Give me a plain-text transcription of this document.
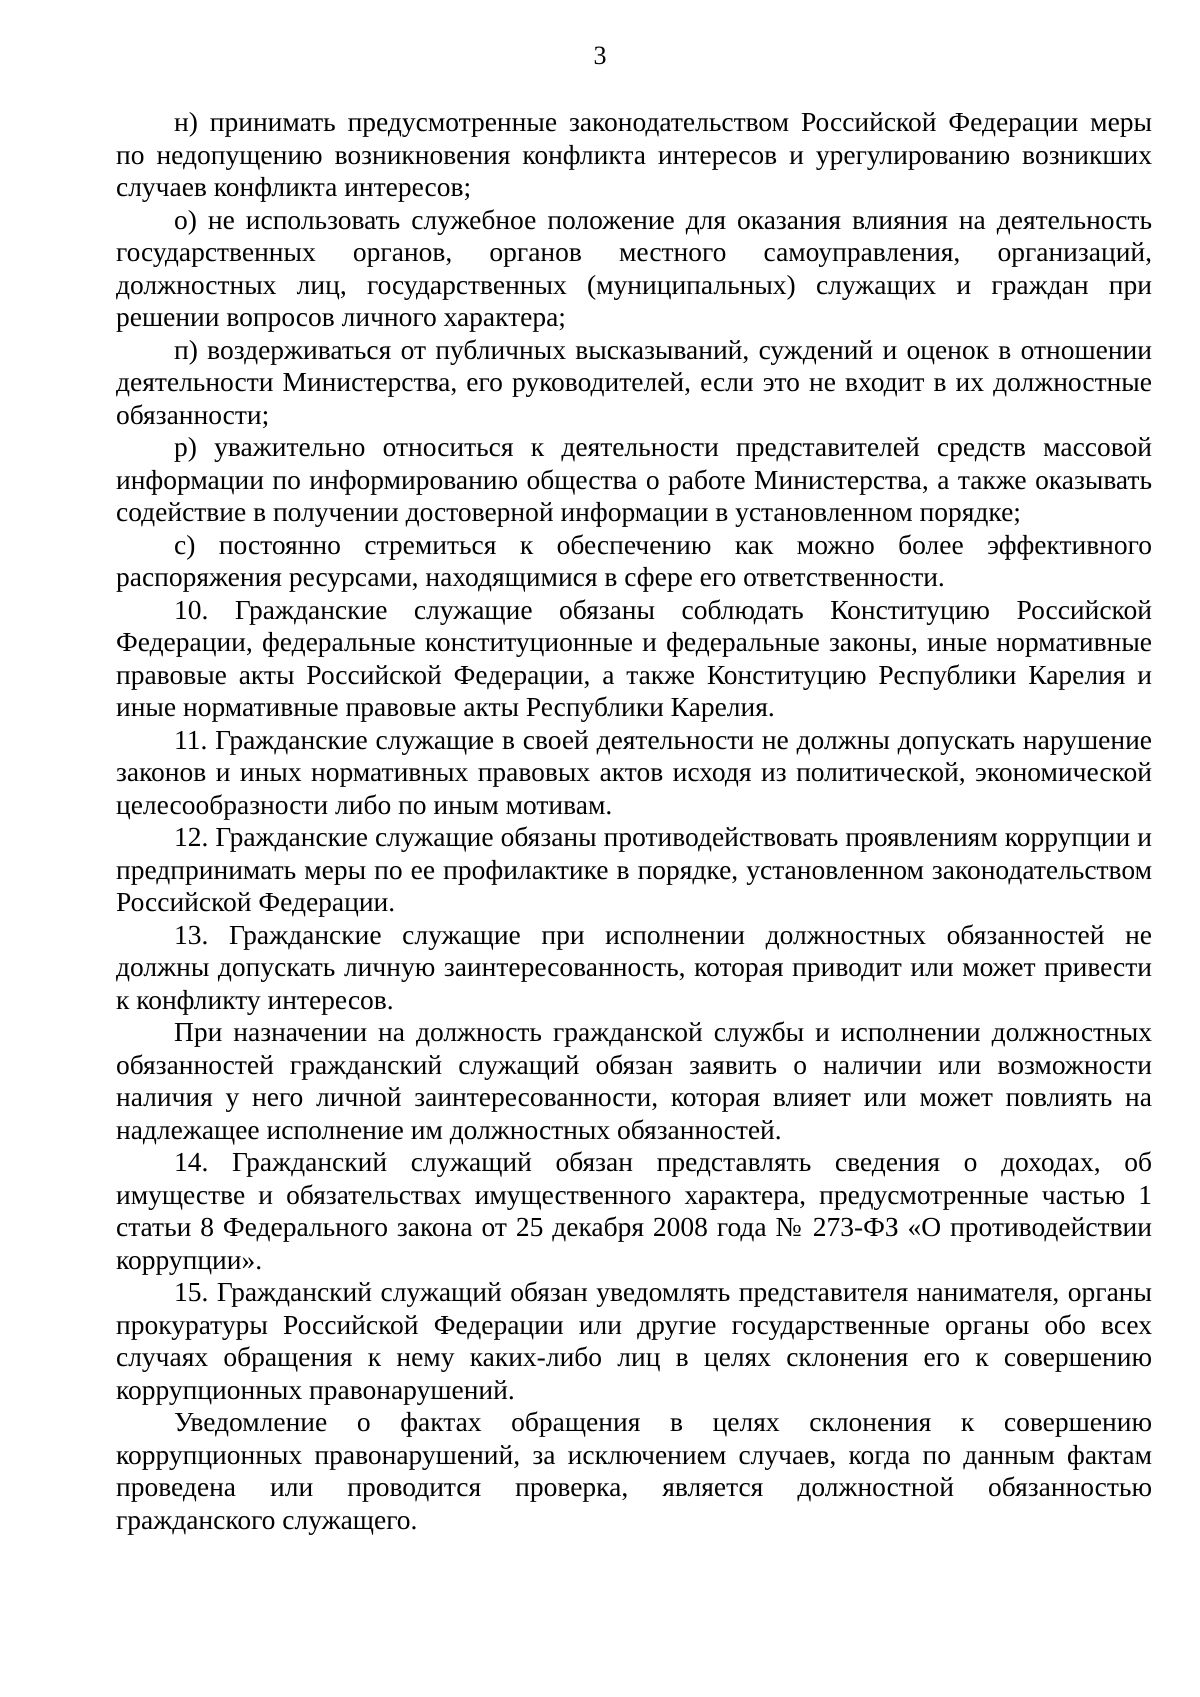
3

н) принимать предусмотренные законодательством Российской Федерации меры по недопущению возникновения конфликта интересов и урегулированию возникших случаев конфликта интересов;

о) не использовать служебное положение для оказания влияния на деятельность государственных органов, органов местного самоуправления, организаций, должностных лиц, государственных (муниципальных) служащих и граждан при решении вопросов личного характера;

п) воздерживаться от публичных высказываний, суждений и оценок в отношении деятельности Министерства, его руководителей, если это не входит в их должностные обязанности;

р) уважительно относиться к деятельности представителей средств массовой информации по информированию общества о работе Министерства, а также оказывать содействие в получении достоверной информации в установленном порядке;

с) постоянно стремиться к обеспечению как можно более эффективного распоряжения ресурсами, находящимися в сфере его ответственности.

10. Гражданские служащие обязаны соблюдать Конституцию Российской Федерации, федеральные конституционные и федеральные законы, иные нормативные правовые акты Российской Федерации, а также Конституцию Республики Карелия и иные нормативные правовые акты Республики Карелия.

11. Гражданские служащие в своей деятельности не должны допускать нарушение законов и иных нормативных правовых актов исходя из политической, экономической целесообразности либо по иным мотивам.

12. Гражданские служащие обязаны противодействовать проявлениям коррупции и предпринимать меры по ее профилактике в порядке, установленном законодательством Российской Федерации.

13. Гражданские служащие при исполнении должностных обязанностей не должны допускать личную заинтересованность, которая приводит или может привести к конфликту интересов.

При назначении на должность гражданской службы и исполнении должностных обязанностей гражданский служащий обязан заявить о наличии или возможности наличия у него личной заинтересованности, которая влияет или может повлиять на надлежащее исполнение им должностных обязанностей.

14. Гражданский служащий обязан представлять сведения о доходах, об имуществе и обязательствах имущественного характера, предусмотренные частью 1 статьи 8 Федерального закона от 25 декабря 2008 года № 273-ФЗ «О противодействии коррупции».

15. Гражданский служащий обязан уведомлять представителя нанимателя, органы прокуратуры Российской Федерации или другие государственные органы обо всех случаях обращения к нему каких-либо лиц в целях склонения его к совершению коррупционных правонарушений.

Уведомление о фактах обращения в целях склонения к совершению коррупционных правонарушений, за исключением случаев, когда по данным фактам проведена или проводится проверка, является должностной обязанностью гражданского служащего.
